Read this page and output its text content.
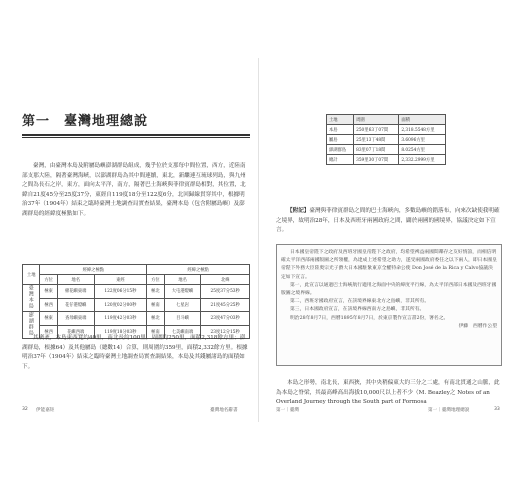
第一　臺灣地理總說

臺灣，由臺灣本島及附屬島嶼澎湖群島組成，幾乎位於支那每中間位置，西方，近陸南部支那大陸，隔著臺灣海峽，以澎湖群島為其中間連續，東北，新繼連互琉球列島，與九州之間為長石之岸，東方，面向太平洋，南方，隔著巴士海峽與菲律賓群島相對，其位置，北緯自21度45分至25度37分，東經自119度18分至122度6分，北回歸線貫穿其中，根據明治37年（1904年）結束之臨時臺灣土地調查局實查結果，臺灣本島（包含附屬島嶼）及澎湖群島的經緯度極點如下。

土地	經緯之極點			經緯之極點		
	方位	地名	東經	方位	地名	北緯
臺灣本島	極東	棉花嶼東端	122度06分15秒	極北	大屯港燈嶼	25度37分53秒
	極西	花仔港燈嶼	120度02分00秒	極南	七星岩	21度45分25秒
澎湖群島	極東	查母嶼東端	119度42分03秒	極北	目斗嶼	23度47分03秒
	極西	花嶼西端	119度18分03秒	極南	七美嶼南端	23度12分15秒

其廣袤，本島東西寬約40里，南北長約100里，周圍約250里，面積2,318餘方里；澎湖群島，根據64）及其他屬島（總數14）合算，則周圍約359里，面積2,332餘方里。根據明治37年（1904年）結束之臨時臺灣土地調查局實查調結果，本島及其錢屬諸島的面積如下。

32 伊能嘉矩	臺灣地名辭書
土地	周圍	面積
本島	250里63丁07間	2,318.5548方里
屬島	25里13丁48間	3.6096方里
澎湖群島	83里07丁18間	8.0254方里
總計	359里30丁07間	2,332.2999方里

【附記】臺灣與菲律賓群島之間的巴士海峽內，多數島嶼的錯落布，向來次缺使我明確之境界，故明治28年，日本及西班牙兩國政府之間，闢於兩國的國境界，協議決定如下宣言。

日本國皇帝陛下之政府及西班牙國皇帝陛下之政府，均希望裨益兩國間鄰存之友好情誼，而相信明確太平洋西部兩國版圖之所領權，為達成上述希望之助力，遂受兩國政府委任之以下兩人，即日本國皇帝陛下外務大臣陸奧宗光子爵大日本國駐紮東京全權特命公使 Don José de la Rica y Calvo協議決定如下宣言。

第一，此宣言以通過巴士海峽航行適用之海面中央的緯度平行線，為太平洋西部日本國及西班牙國版圖之境界線。

第二，西班牙國政府宣言，在該境界線東北方之島嶼，非其所有。

第三，日本國政府宣言，在該境界線西南方之島嶼，非其所有。

明治28年8月7日，西曆1895年8月7日，於東京製作宣言書2份，署名之。

伊藤　西曆作公望

本島之形勢，南北長，東西狹，其中央稍偏東大約三分之二處，有南北貫通之山脈，此為本島之脊梁，其最高峰高出海拔10,000尺以上者不少（M. Beazley之 Notes of an Overland Journey through the South part of Formosa

第一｜臺灣	第一｜臺灣地理總說	33
